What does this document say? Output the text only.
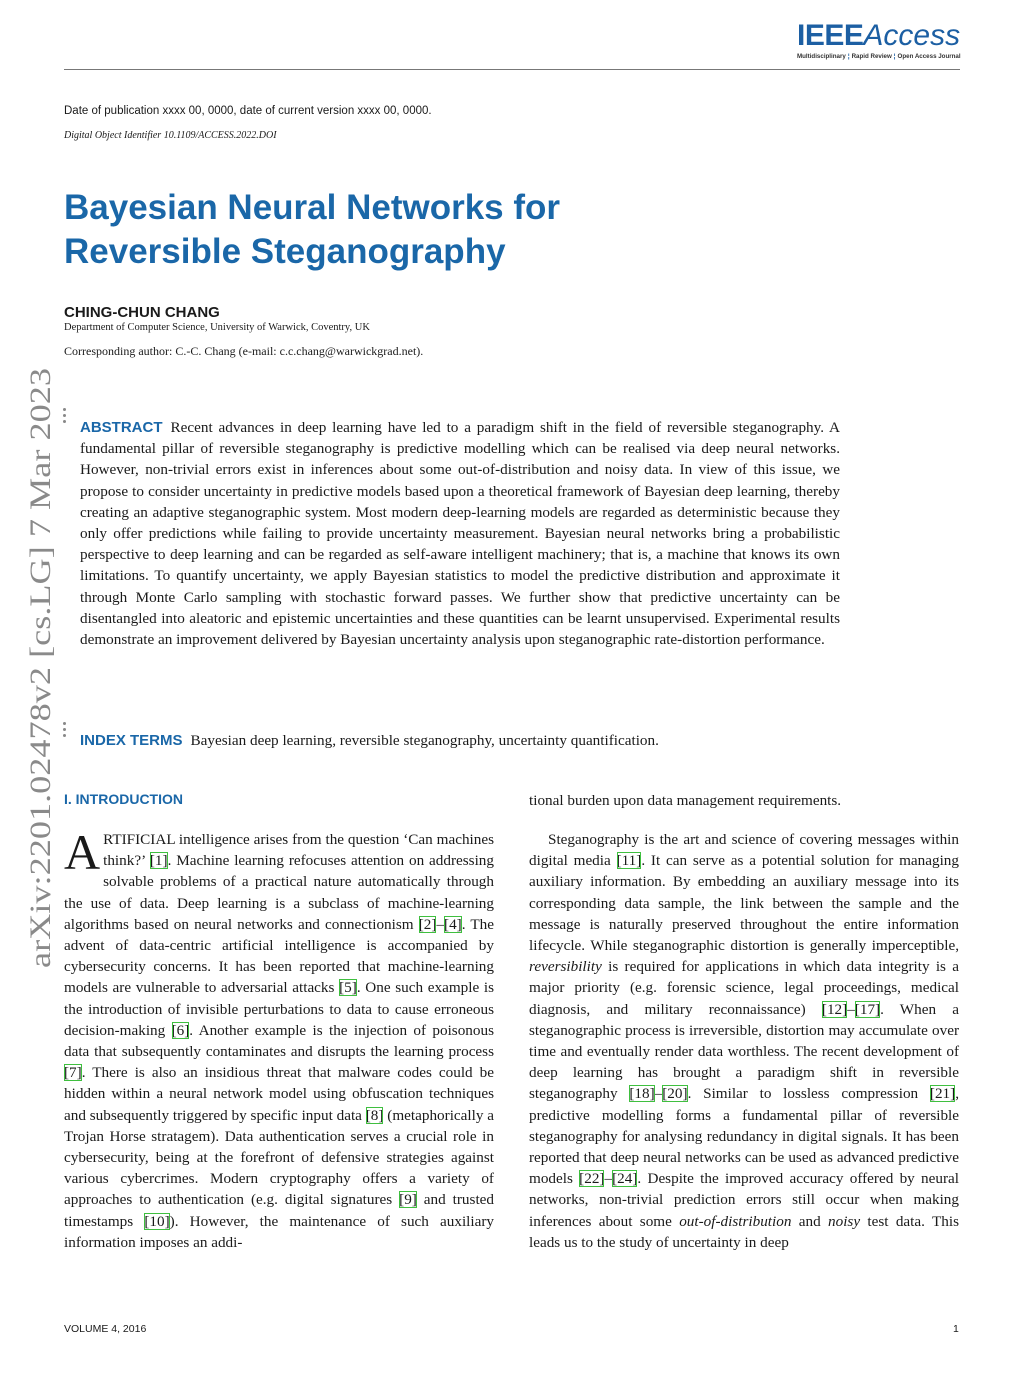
IEEEAccess
Multidisciplinary ¦ Rapid Review ¦ Open Access Journal
Date of publication xxxx 00, 0000, date of current version xxxx 00, 0000.
Digital Object Identifier 10.1109/ACCESS.2022.DOI
Bayesian Neural Networks for
Reversible Steganography
CHING-CHUN CHANG
Department of Computer Science, University of Warwick, Coventry, UK
Corresponding author: C.-C. Chang (e-mail: c.c.chang@warwickgrad.net).
arXiv:2201.02478v2 [cs.LG] 7 Mar 2023
ABSTRACT Recent advances in deep learning have led to a paradigm shift in the field of reversible steganography. A fundamental pillar of reversible steganography is predictive modelling which can be realised via deep neural networks. However, non-trivial errors exist in inferences about some out-of-distribution and noisy data. In view of this issue, we propose to consider uncertainty in predictive models based upon a theoretical framework of Bayesian deep learning, thereby creating an adaptive steganographic system. Most modern deep-learning models are regarded as deterministic because they only offer predictions while failing to provide uncertainty measurement. Bayesian neural networks bring a probabilistic perspective to deep learning and can be regarded as self-aware intelligent machinery; that is, a machine that knows its own limitations. To quantify uncertainty, we apply Bayesian statistics to model the predictive distribution and approximate it through Monte Carlo sampling with stochastic forward passes. We further show that predictive uncertainty can be disentangled into aleatoric and epistemic uncertainties and these quantities can be learnt unsupervised. Experimental results demonstrate an improvement delivered by Bayesian uncertainty analysis upon steganographic rate-distortion performance.
INDEX TERMS Bayesian deep learning, reversible steganography, uncertainty quantification.
I. INTRODUCTION

ARTIFICIAL intelligence arises from the question ‘Can machines think?’ [1]. Machine learning refocuses attention on addressing solvable problems of a practical nature automatically through the use of data. Deep learning is a subclass of machine-learning algorithms based on neural networks and connectionism [2]–[4]. The advent of data-centric artificial intelligence is accompanied by cybersecurity concerns. It has been reported that machine-learning models are vulnerable to adversarial attacks [5]. One such example is the introduction of invisible perturbations to data to cause erroneous decision-making [6]. Another example is the injection of poisonous data that subsequently contaminates and disrupts the learning process [7]. There is also an insidious threat that malware codes could be hidden within a neural network model using obfuscation techniques and subsequently triggered by specific input data [8] (metaphorically a Trojan Horse stratagem). Data authentication serves a crucial role in cybersecurity, being at the forefront of defensive strategies against various cybercrimes. Modern cryptography offers a variety of approaches to authentication (e.g. digital signatures [9] and trusted timestamps [10]). However, the maintenance of such auxiliary information imposes an addi-

tional burden upon data management requirements.

Steganography is the art and science of covering messages within digital media [11]. It can serve as a potential solution for managing auxiliary information. By embedding an auxiliary message into its corresponding data sample, the link between the sample and the message is naturally preserved throughout the entire information lifecycle. While steganographic distortion is generally imperceptible, reversibility is required for applications in which data integrity is a major priority (e.g. forensic science, legal proceedings, medical diagnosis, and military reconnaissance) [12]–[17]. When a steganographic process is irreversible, distortion may accumulate over time and eventually render data worthless. The recent development of deep learning has brought a paradigm shift in reversible steganography [18]–[20]. Similar to lossless compression [21], predictive modelling forms a fundamental pillar of reversible steganography for analysing redundancy in digital signals. It has been reported that deep neural networks can be used as advanced predictive models [22]–[24]. Despite the improved accuracy offered by neural networks, non-trivial prediction errors still occur when making inferences about some out-of-distribution and noisy test data. This leads us to the study of uncertainty in deep

VOLUME 4, 2016	1
